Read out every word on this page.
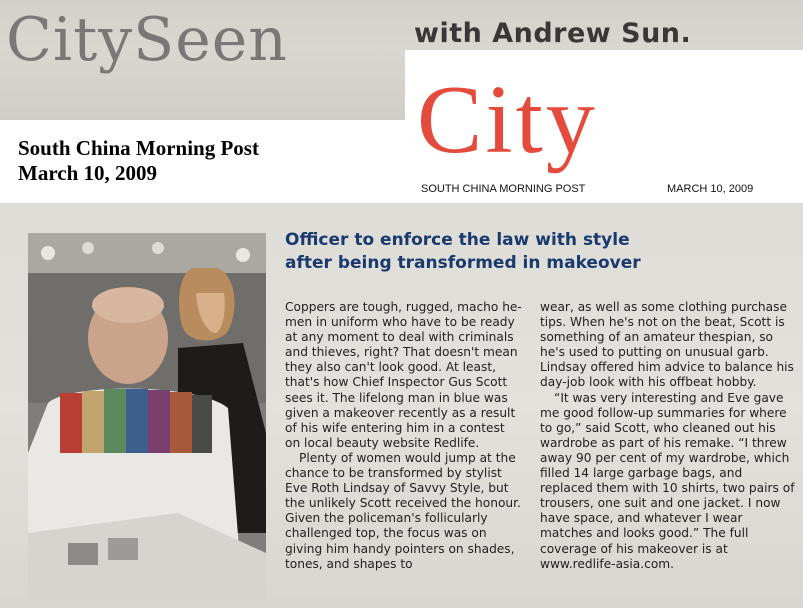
CitySeen	with Andrew Sun.
City
SOUTH CHINA MORNING POST	MARCH 10, 2009
South China Morning Post
March 10, 2009
Officer to enforce the law with style
after being transformed in makeover

Coppers are tough, rugged, macho he-men in uniform who have to be ready at any moment to deal with criminals and thieves, right? That doesn't mean they also can't look good. At least, that's how Chief Inspector Gus Scott sees it. The lifelong man in blue was given a makeover recently as a result of his wife entering him in a contest on local beauty website Redlife.

Plenty of women would jump at the chance to be transformed by stylist Eve Roth Lindsay of Savvy Style, but the unlikely Scott received the honour. Given the policeman's follicularly challenged top, the focus was on giving him handy pointers on shades, tones, and shapes to

wear, as well as some clothing purchase tips. When he's not on the beat, Scott is something of an amateur thespian, so he's used to putting on unusual garb. Lindsay offered him advice to balance his day-job look with his offbeat hobby.

“It was very interesting and Eve gave me good follow-up summaries for where to go,” said Scott, who cleaned out his wardrobe as part of his remake. “I threw away 90 per cent of my wardrobe, which filled 14 large garbage bags, and replaced them with 10 shirts, two pairs of trousers, one suit and one jacket. I now have space, and whatever I wear matches and looks good.” The full coverage of his makeover is at www.redlife-asia.com.
